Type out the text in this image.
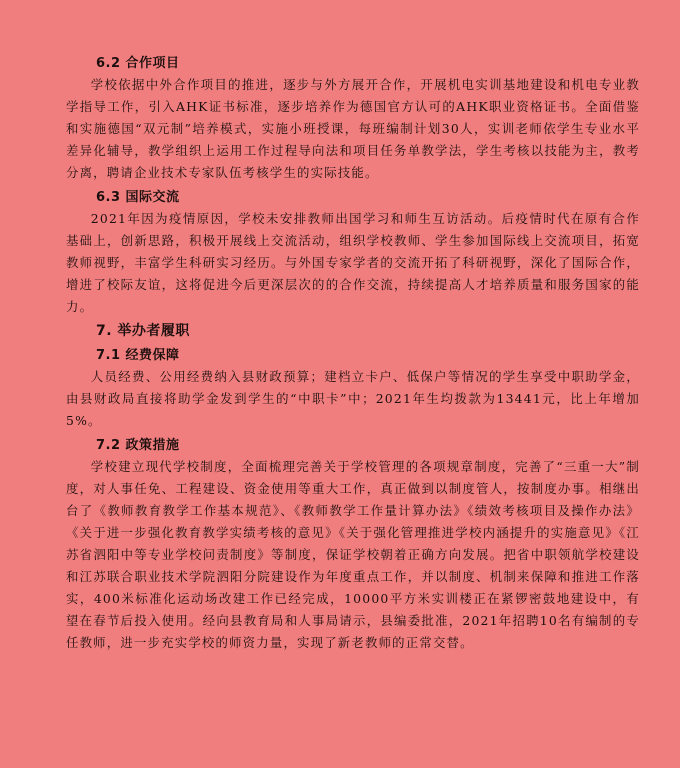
6.2 合作项目

学校依据中外合作项目的推进，逐步与外方展开合作，开展机电实训基地建设和机电专业教学指导工作，引入AHK证书标准，逐步培养作为德国官方认可的AHK职业资格证书。全面借鉴和实施德国“双元制”培养模式，实施小班授课，每班编制计划30人，实训老师依学生专业水平差异化辅导，教学组织上运用工作过程导向法和项目任务单教学法，学生考核以技能为主，教考分离，聘请企业技术专家队伍考核学生的实际技能。

6.3 国际交流

2021年因为疫情原因，学校未安排教师出国学习和师生互访活动。后疫情时代在原有合作基础上，创新思路，积极开展线上交流活动，组织学校教师、学生参加国际线上交流项目，拓宽教师视野，丰富学生科研实习经历。与外国专家学者的交流开拓了科研视野，深化了国际合作，增进了校际友谊，这将促进今后更深层次的的合作交流，持续提高人才培养质量和服务国家的能力。

7. 举办者履职

7.1 经费保障

人员经费、公用经费纳入县财政预算；建档立卡户、低保户等情况的学生享受中职助学金，由县财政局直接将助学金发到学生的“中职卡”中；2021年生均拨款为13441元，比上年增加5%。

7.2 政策措施

学校建立现代学校制度，全面梳理完善关于学校管理的各项规章制度，完善了“三重一大”制度，对人事任免、工程建设、资金使用等重大工作，真正做到以制度管人，按制度办事。相继出台了《教师教育教学工作基本规范》、《教师教学工作量计算办法》《绩效考核项目及操作办法》《关于进一步强化教育教学实绩考核的意见》《关于强化管理推进学校内涵提升的实施意见》《江苏省泗阳中等专业学校问责制度》等制度，保证学校朝着正确方向发展。把省中职领航学校建设和江苏联合职业技术学院泗阳分院建设作为年度重点工作，并以制度、机制来保障和推进工作落实，400米标准化运动场改建工作已经完成，10000平方米实训楼正在紧锣密鼓地建设中，有望在春节后投入使用。经向县教育局和人事局请示，县编委批准，2021年招聘10名有编制的专任教师，进一步充实学校的师资力量，实现了新老教师的正常交替。
